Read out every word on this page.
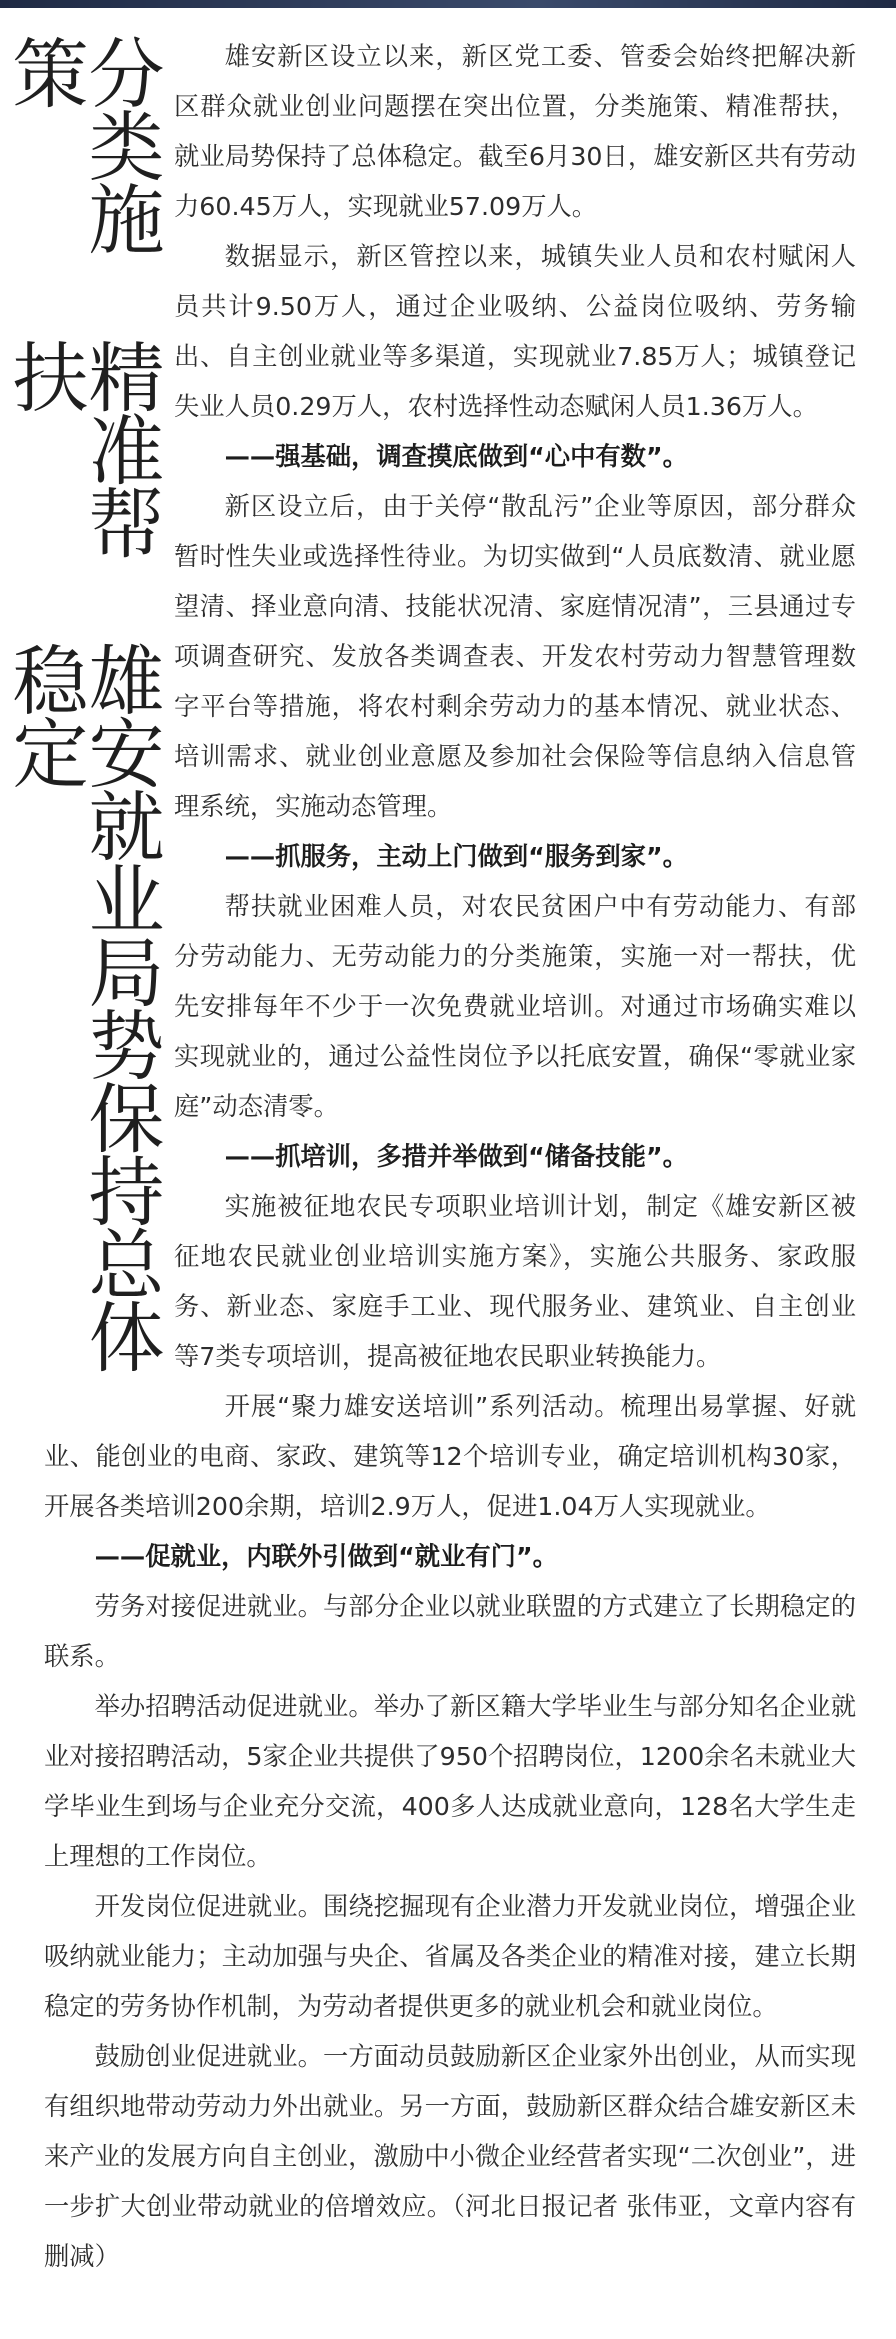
分类施策
精准帮扶
雄安就业局势保持总体稳定

雄安新区设立以来，新区党工委、管委会始终把解决新区群众就业创业问题摆在突出位置，分类施策、精准帮扶，就业局势保持了总体稳定。截至6月30日，雄安新区共有劳动力60.45万人，实现就业57.09万人。

数据显示，新区管控以来，城镇失业人员和农村赋闲人员共计9.50万人，通过企业吸纳、公益岗位吸纳、劳务输出、自主创业就业等多渠道，实现就业7.85万人；城镇登记失业人员0.29万人，农村选择性动态赋闲人员1.36万人。

——强基础，调查摸底做到“心中有数”。

新区设立后，由于关停“散乱污”企业等原因，部分群众暂时性失业或选择性待业。为切实做到“人员底数清、就业愿望清、择业意向清、技能状况清、家庭情况清”，三县通过专项调查研究、发放各类调查表、开发农村劳动力智慧管理数字平台等措施，将农村剩余劳动力的基本情况、就业状态、培训需求、就业创业意愿及参加社会保险等信息纳入信息管理系统，实施动态管理。

——抓服务，主动上门做到“服务到家”。

帮扶就业困难人员，对农民贫困户中有劳动能力、有部分劳动能力、无劳动能力的分类施策，实施一对一帮扶，优先安排每年不少于一次免费就业培训。对通过市场确实难以实现就业的，通过公益性岗位予以托底安置，确保“零就业家庭”动态清零。

——抓培训，多措并举做到“储备技能”。

实施被征地农民专项职业培训计划，制定《雄安新区被征地农民就业创业培训实施方案》，实施公共服务、家政服务、新业态、家庭手工业、现代服务业、建筑业、自主创业等7类专项培训，提高被征地农民职业转换能力。

开展“聚力雄安送培训”系列活动。梳理出易掌握、好就业、能创业的电商、家政、建筑等12个培训专业，确定培训机构30家，开展各类培训200余期，培训2.9万人，促进1.04万人实现就业。

——促就业，内联外引做到“就业有门”。

劳务对接促进就业。与部分企业以就业联盟的方式建立了长期稳定的联系。

举办招聘活动促进就业。举办了新区籍大学毕业生与部分知名企业就业对接招聘活动，5家企业共提供了950个招聘岗位，1200余名未就业大学毕业生到场与企业充分交流，400多人达成就业意向，128名大学生走上理想的工作岗位。

开发岗位促进就业。围绕挖掘现有企业潜力开发就业岗位，增强企业吸纳就业能力；主动加强与央企、省属及各类企业的精准对接，建立长期稳定的劳务协作机制，为劳动者提供更多的就业机会和就业岗位。

鼓励创业促进就业。一方面动员鼓励新区企业家外出创业，从而实现有组织地带动劳动力外出就业。另一方面，鼓励新区群众结合雄安新区未来产业的发展方向自主创业，激励中小微企业经营者实现“二次创业”，进一步扩大创业带动就业的倍增效应。（河北日报记者 张伟亚，文章内容有删减）
